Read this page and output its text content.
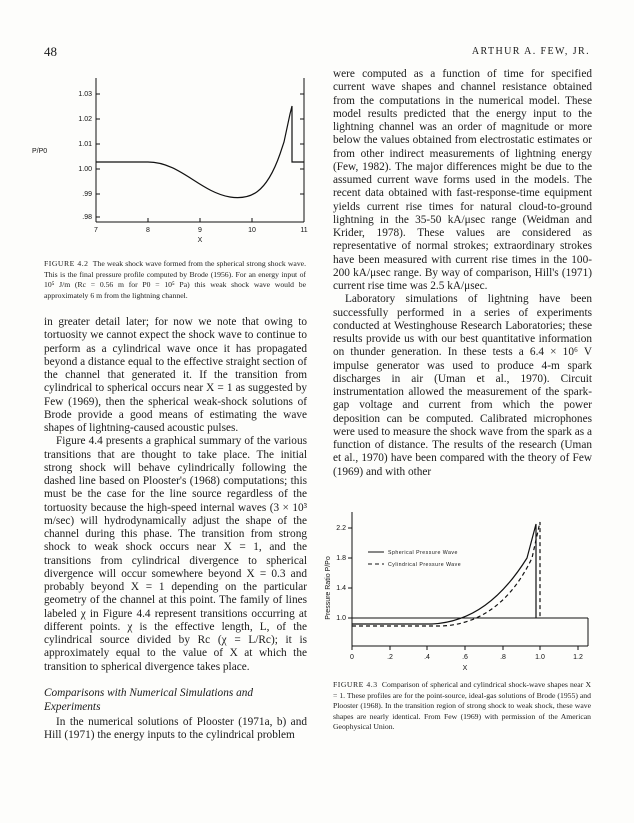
48	ARTHUR A. FEW, JR.
1.03
1.02
1.01
1.00
.99
.98
P/P0
7	8	9	10	11
X
FIGURE 4.2 The weak shock wave formed from the spherical strong shock wave. This is the final pressure profile computed by Brode (1956). For an energy input of 10⁵ J/m (Rc = 0.56 m for P0 = 10⁵ Pa) this weak shock wave would be approximately 6 m from the lightning channel.

in greater detail later; for now we note that owing to tortuosity we cannot expect the shock wave to continue to perform as a cylindrical wave once it has propagated beyond a distance equal to the effective straight section of the channel that generated it. If the transition from cylindrical to spherical occurs near X = 1 as suggested by Few (1969), then the spherical weak-shock solutions of Brode provide a good means of estimating the wave shapes of lightning-caused acoustic pulses.

Figure 4.4 presents a graphical summary of the various transitions that are thought to take place. The initial strong shock will behave cylindrically following the dashed line based on Plooster's (1968) computations; this must be the case for the line source regardless of the tortuosity because the high-speed internal waves (3 × 10³ m/sec) will hydrodynamically adjust the shape of the channel during this phase. The transition from strong shock to weak shock occurs near X = 1, and the transitions from cylindrical divergence to spherical divergence will occur somewhere beyond X = 0.3 and probably beyond X = 1 depending on the particular geometry of the channel at this point. The family of lines labeled χ in Figure 4.4 represent transitions occurring at different points. χ is the effective length, L, of the cylindrical source divided by Rc (χ = L/Rc); it is approximately equal to the value of X at which the transition to spherical divergence takes place.

Comparisons with Numerical Simulations and Experiments

In the numerical solutions of Plooster (1971a, b) and Hill (1971) the energy inputs to the cylindrical problem

were computed as a function of time for specified current wave shapes and channel resistance obtained from the computations in the numerical model. These model results predicted that the energy input to the lightning channel was an order of magnitude or more below the values obtained from electrostatic estimates or from other indirect measurements of lightning energy (Few, 1982). The major differences might be due to the assumed current wave forms used in the models. The recent data obtained with fast-response-time equipment yields current rise times for natural cloud-to-ground lightning in the 35-50 kA/μsec range (Weidman and Krider, 1978). These values are considered as representative of normal strokes; extraordinary strokes have been measured with current rise times in the 100-200 kA/μsec range. By way of comparison, Hill's (1971) current rise time was 2.5 kA/μsec.

Laboratory simulations of lightning have been successfully performed in a series of experiments conducted at Westinghouse Research Laboratories; these results provide us with our best quantitative information on thunder generation. In these tests a 6.4 × 10⁶ V impulse generator was used to produce 4-m spark discharges in air (Uman et al., 1970). Circuit instrumentation allowed the measurement of the spark-gap voltage and current from which the power deposition can be computed. Calibrated microphones were used to measure the shock wave from the spark as a function of distance. The results of the research (Uman et al., 1970) have been compared with the theory of Few (1969) and with other

2.2
1.8
1.4
1.0
Pressure Ratio P/Po
0	.2	.4	.6	.8	1.0	1.2
X
Spherical Pressure Wave
Cylindrical Pressure Wave
FIGURE 4.3 Comparison of spherical and cylindrical shock-wave shapes near X = 1. These profiles are for the point-source, ideal-gas solutions of Brode (1955) and Plooster (1968). In the transition region of strong shock to weak shock, these wave shapes are nearly identical. From Few (1969) with permission of the American Geophysical Union.
